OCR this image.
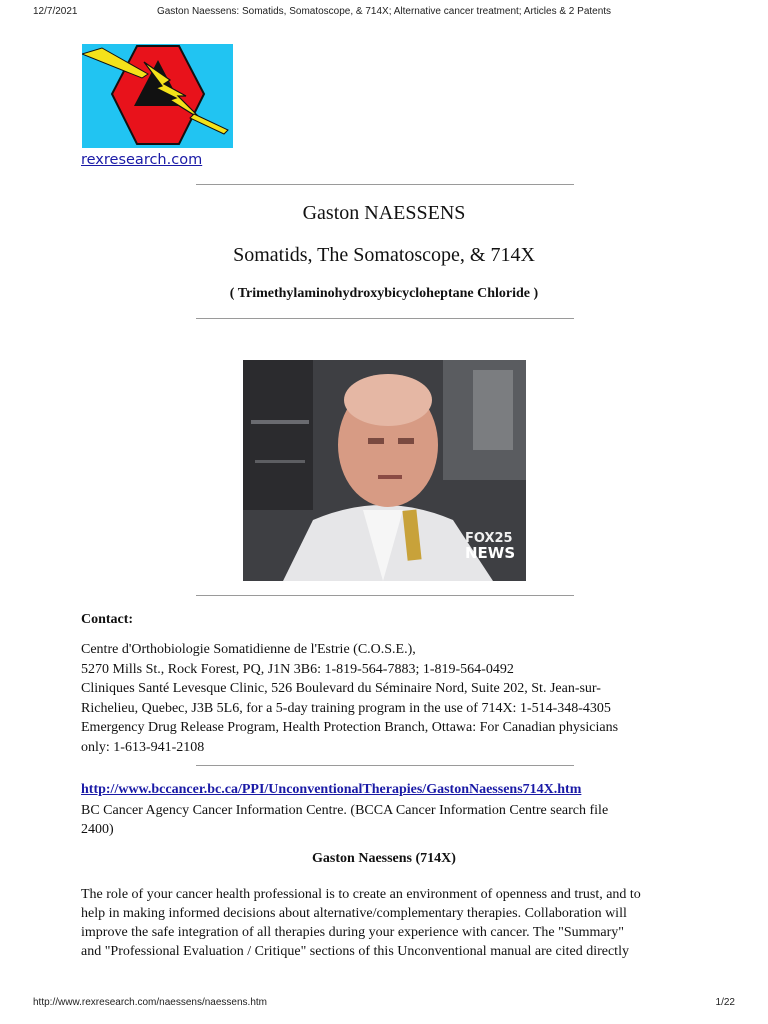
12/7/2021	Gaston Naessens: Somatids, Somatoscope, & 714X; Alternative cancer treatment; Articles & 2 Patents
rexresearch.com
Gaston NAESSENS
Somatids, The Somatoscope, & 714X
( Trimethylaminohydroxybicycloheptane Chloride )
FOX25
NEWS
Contact:
Centre d'Orthobiologie Somatidienne de l'Estrie (C.O.S.E.),
5270 Mills St., Rock Forest, PQ, J1N 3B6: 1-819-564-7883; 1-819-564-0492
Cliniques Santé Levesque Clinic, 526 Boulevard du Séminaire Nord, Suite 202, St. Jean-sur-
Richelieu, Quebec, J3B 5L6, for a 5-day training program in the use of 714X: 1-514-348-4305
Emergency Drug Release Program, Health Protection Branch, Ottawa: For Canadian physicians
only: 1-613-941-2108
http://www.bccancer.bc.ca/PPI/UnconventionalTherapies/GastonNaessens714X.htm
BC Cancer Agency Cancer Information Centre. (BCCA Cancer Information Centre search file
2400)
Gaston Naessens (714X)
The role of your cancer health professional is to create an environment of openness and trust, and to
help in making informed decisions about alternative/complementary therapies. Collaboration will
improve the safe integration of all therapies during your experience with cancer. The "Summary"
and "Professional Evaluation / Critique" sections of this Unconventional manual are cited directly
http://www.rexresearch.com/naessens/naessens.htm	1/22
